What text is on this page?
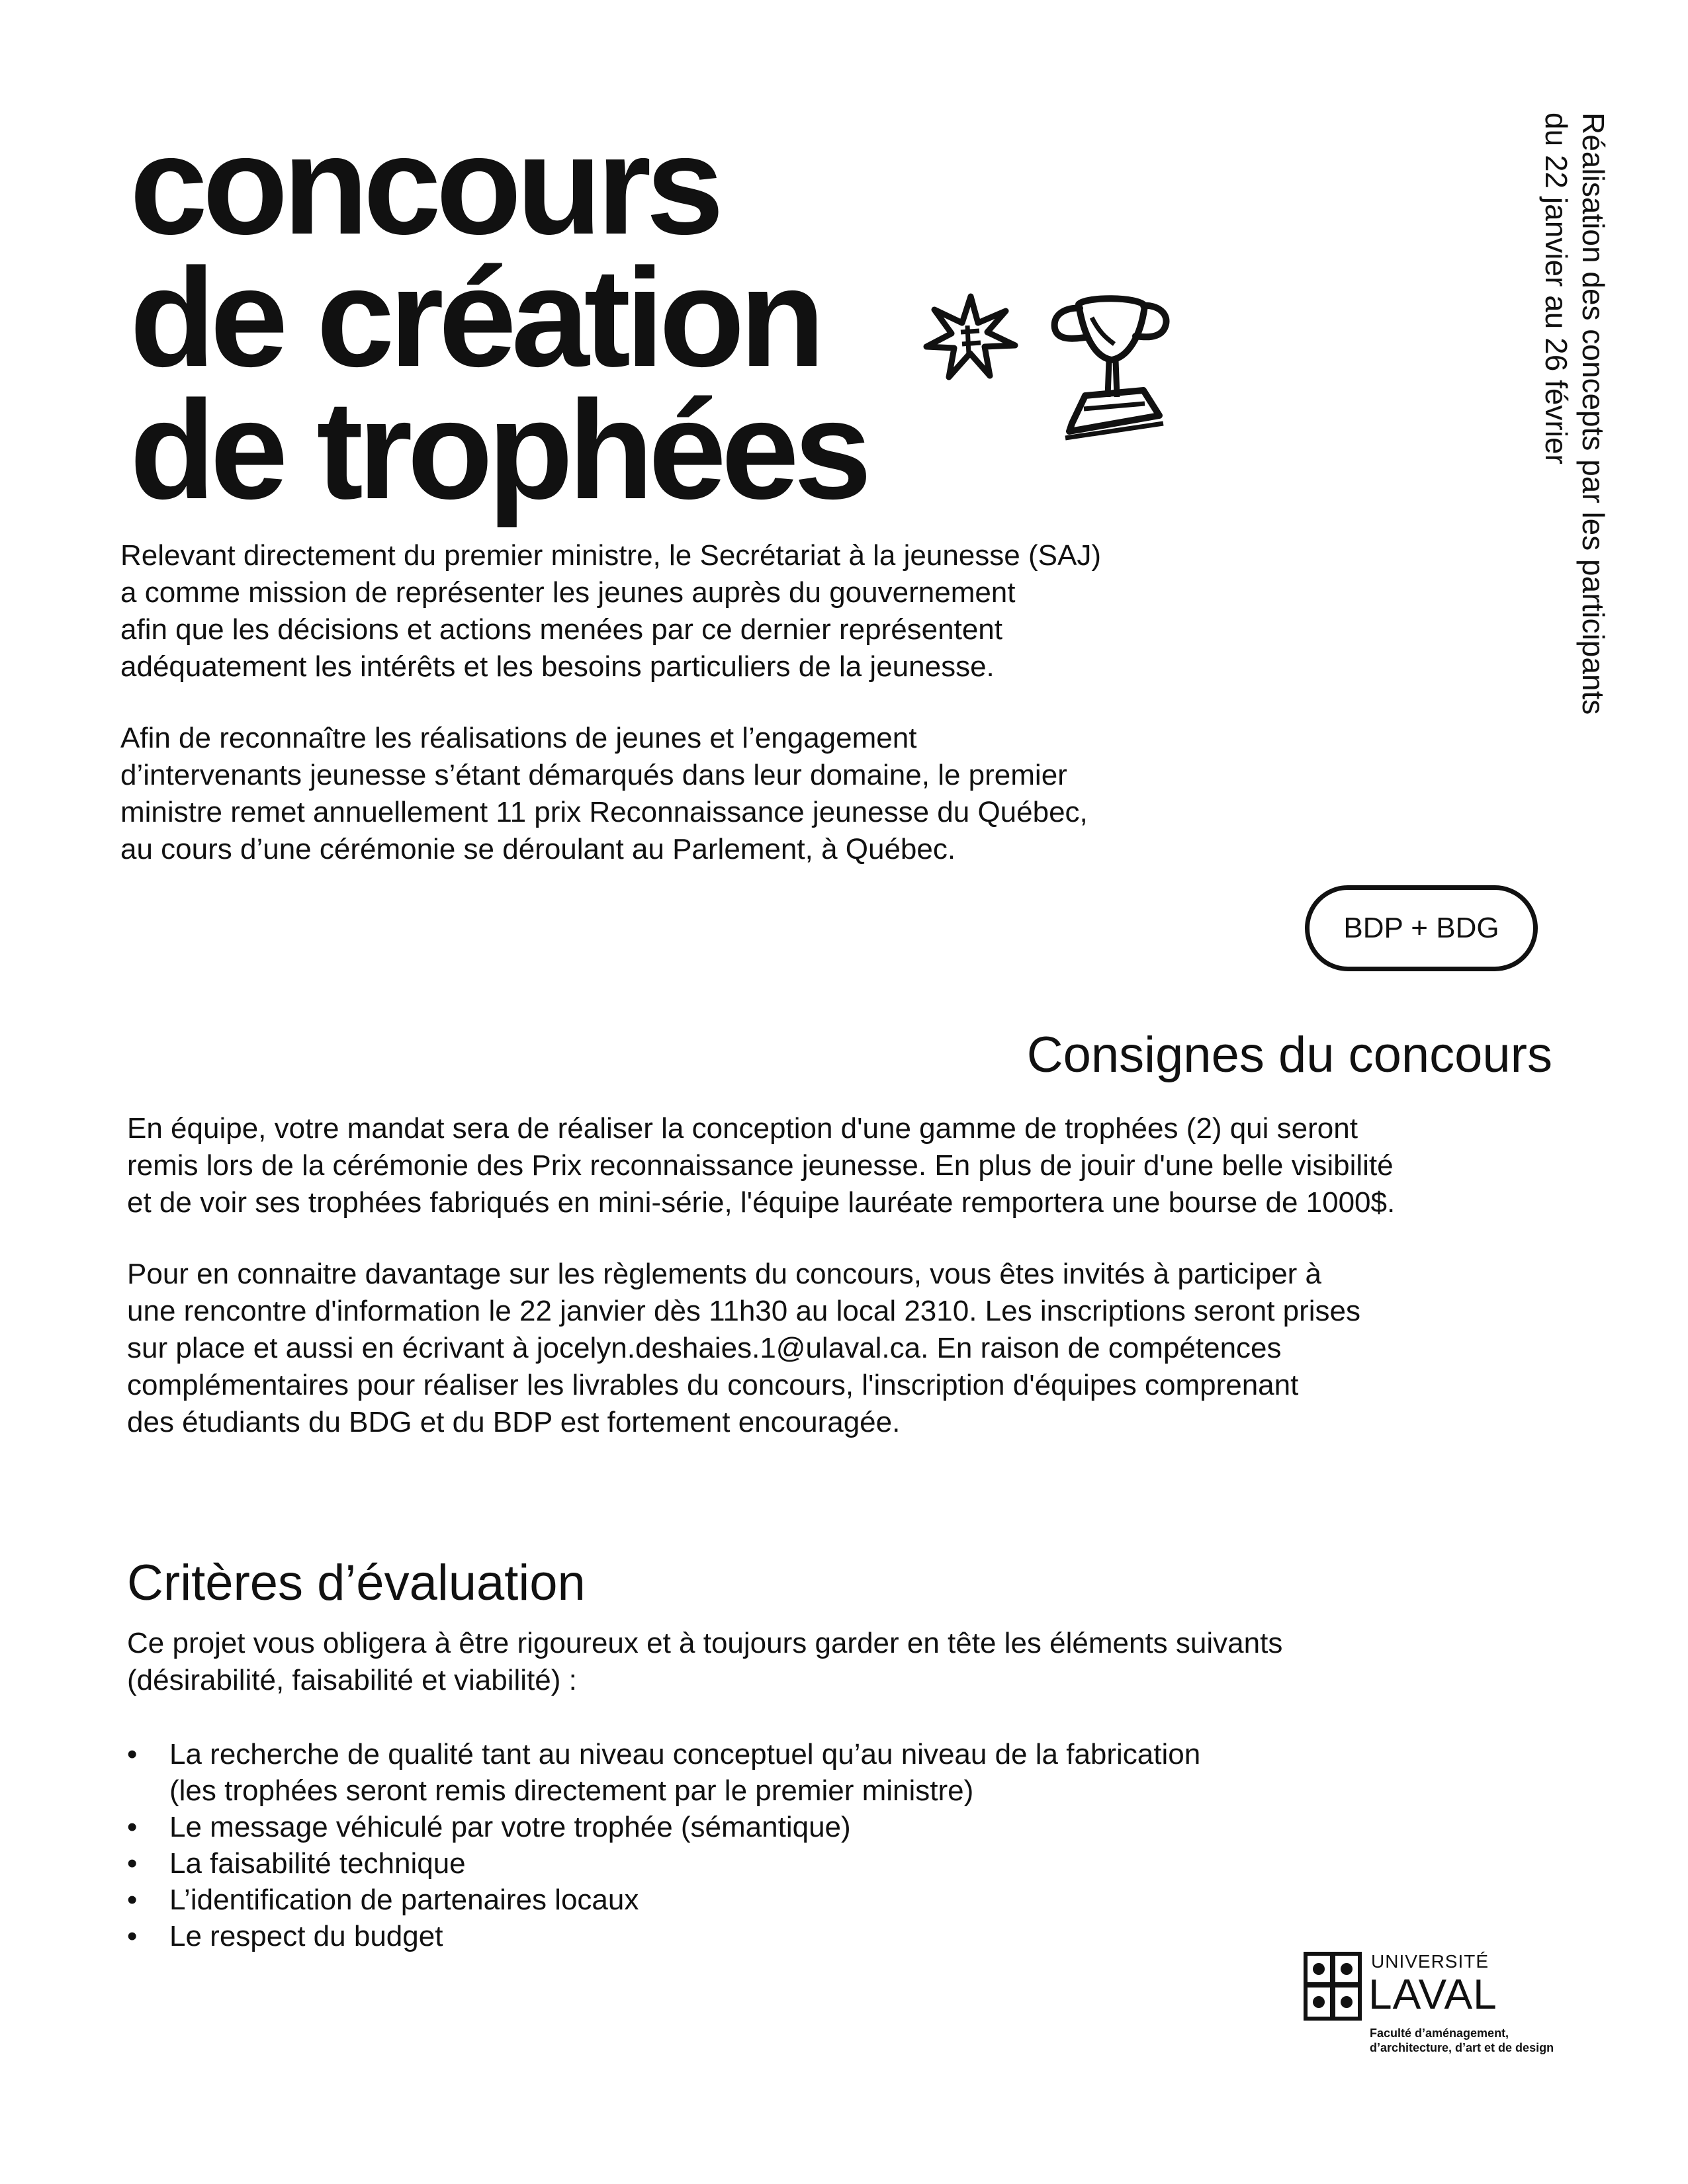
concours
de création
de trophées	Réalisation des concepts par les participants
du 22 janvier au 26 février

Relevant directement du premier ministre, le Secrétariat à la jeunesse (SAJ)
a comme mission de représenter les jeunes auprès du gouvernement
afin que les décisions et actions menées par ce dernier représentent
adéquatement les intérêts et les besoins particuliers de la jeunesse.

Afin de reconnaître les réalisations de jeunes et l’engagement
d’intervenants jeunesse s’étant démarqués dans leur domaine, le premier
ministre remet annuellement 11 prix Reconnaissance jeunesse du Québec,
au cours d’une cérémonie se déroulant au Parlement, à Québec.

BDP + BDG
Consignes du concours

En équipe, votre mandat sera de réaliser la conception d'une gamme de trophées (2) qui seront
remis lors de la cérémonie des Prix reconnaissance jeunesse. En plus de jouir d'une belle visibilité
et de voir ses trophées fabriqués en mini-série, l'équipe lauréate remportera une bourse de 1000$.

Pour en connaitre davantage sur les règlements du concours, vous êtes invités à participer à
une rencontre d'information le 22 janvier dès 11h30 au local 2310. Les inscriptions seront prises
sur place et aussi en écrivant à jocelyn.deshaies.1@ulaval.ca. En raison de compétences
complémentaires pour réaliser les livrables du concours, l'inscription d'équipes comprenant
des étudiants du BDG et du BDP est fortement encouragée.

Critères d’évaluation

Ce projet vous obligera à être rigoureux et à toujours garder en tête les éléments suivants
(désirabilité, faisabilité et viabilité) :

• La recherche de qualité tant au niveau conceptuel qu’au niveau de la fabrication
(les trophées seront remis directement par le premier ministre)
• Le message véhiculé par votre trophée (sémantique)
• La faisabilité technique
• L’identification de partenaires locaux
• Le respect du budget
UNIVERSITÉ
LAVAL
Faculté d’aménagement,
d’architecture, d’art et de design
